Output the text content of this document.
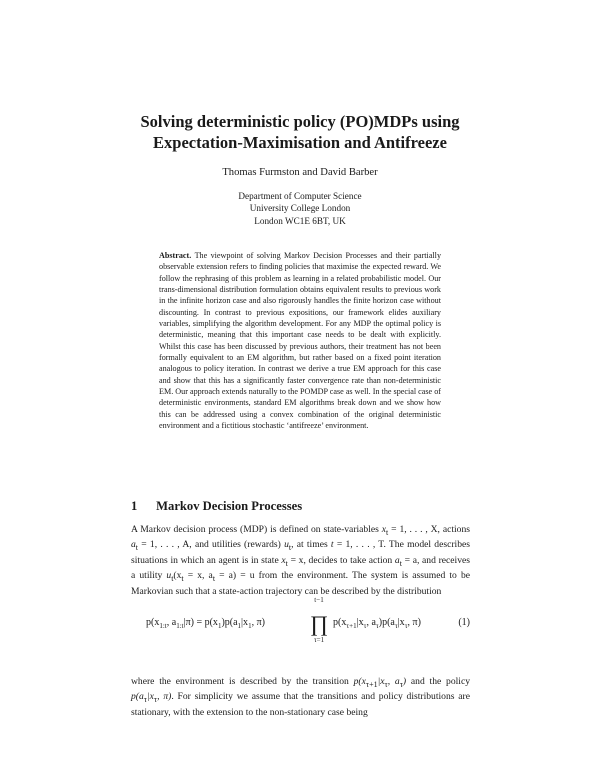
Solving deterministic policy (PO)MDPs using
Expectation-Maximisation and Antifreeze
Thomas Furmston and David Barber
Department of Computer Science
University College London
London WC1E 6BT, UK
Abstract. The viewpoint of solving Markov Decision Processes and their partially observable extension refers to finding policies that maximise the expected reward. We follow the rephrasing of this problem as learning in a related probabilistic model. Our trans-dimensional distribution formulation obtains equivalent results to previous work in the infinite horizon case and also rigorously handles the finite horizon case without discounting. In contrast to previous expositions, our framework elides auxiliary variables, simplifying the algorithm development. For any MDP the optimal policy is deterministic, meaning that this important case needs to be dealt with explicitly. Whilst this case has been discussed by previous authors, their treatment has not been formally equivalent to an EM algorithm, but rather based on a fixed point iteration analogous to policy iteration. In contrast we derive a true EM approach for this case and show that this has a significantly faster convergence rate than non-deterministic EM. Our approach extends naturally to the POMDP case as well. In the special case of deterministic environments, standard EM algorithms break down and we show how this can be addressed using a convex combination of the original deterministic environment and a fictitious stochastic ‘antifreeze’ environment.
1 Markov Decision Processes

A Markov decision process (MDP) is defined on state-variables $x_t = 1$, . . . , X, actions $a_t = 1$, . . . , A, and utilities (rewards) $u_t$, at times t = 1, . . . , T. The model describes situations in which an agent is in state $x_t = x$, decides to take action $a_t = a$, and receives a utility $u_t(x_t = x$, $a_t = a) = u$ from the environment. The system is assumed to be Markovian such that a state-action trajectory can be described by the distribution

$p(x_{1:t}$, $a_{1:t}|\pi) = p(x_1)p(a_1|x_1$, π)
t−1
∏
τ=1
$p(x_{\tau+1}|x_\tau$, $a_\tau)p(a_\tau|x_\tau$, π)	(1)

where the environment is described by the transition $p(x_{\tau+1}|x_\tau$, $a_\tau$) and the policy $p(a_\tau|x_\tau$, π). For simplicity we assume that the transitions and policy distributions are stationary, with the extension to the non-stationary case being
